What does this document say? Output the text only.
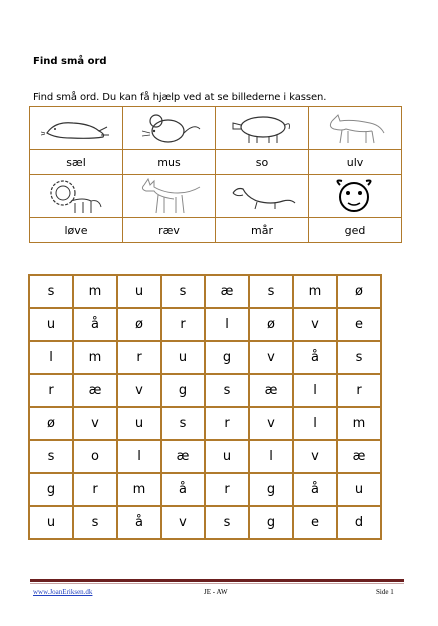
Find små ord
Find små ord. Du kan få hjælp ved at se billederne i kassen.

sæl	mus	so	ulv

løve	ræv	mår	ged
s	m	u	s	æ	s	m	ø
u	å	ø	r	l	ø	v	e
l	m	r	u	g	v	å	s
r	æ	v	g	s	æ	l	r
ø	v	u	s	r	v	l	m
s	o	l	æ	u	l	v	æ
g	r	m	å	r	g	å	u
u	s	å	v	s	g	e	d
www.JoanEriksen.dk	JE - AW	Side 1
